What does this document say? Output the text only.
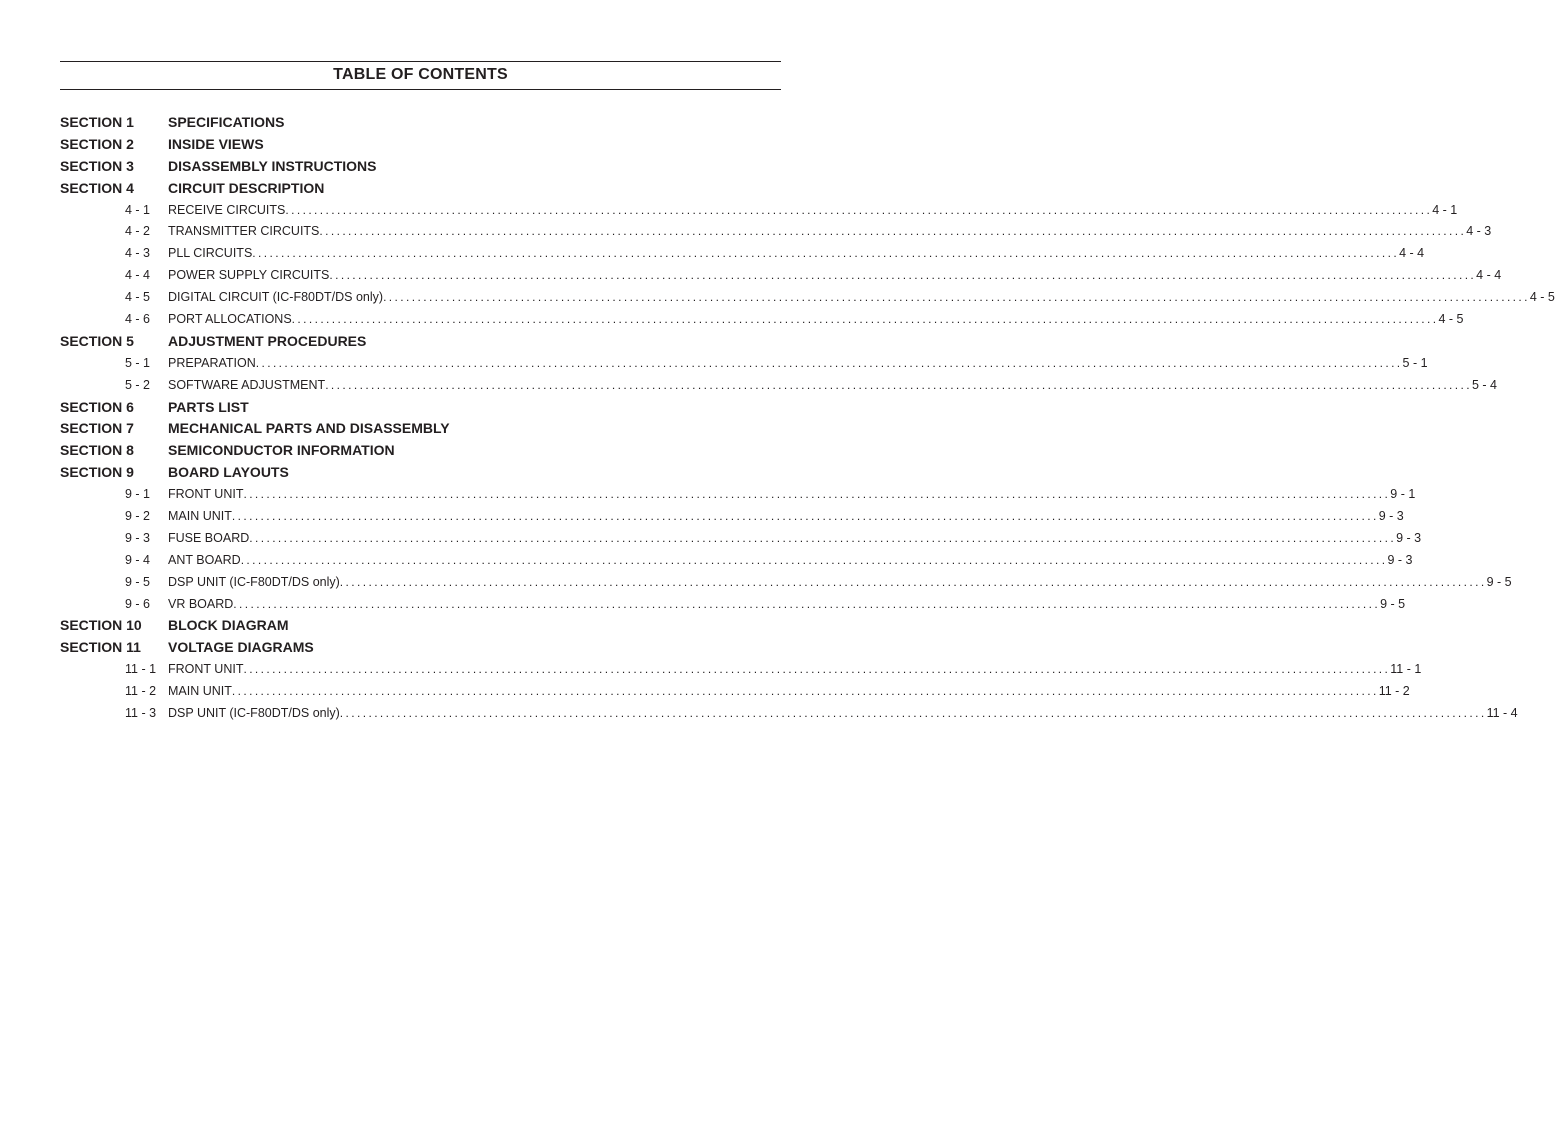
TABLE OF CONTENTS
SECTION 1 SPECIFICATIONS
SECTION 2 INSIDE VIEWS
SECTION 3 DISASSEMBLY INSTRUCTIONS
SECTION 4 CIRCUIT DESCRIPTION
4 - 1 RECEIVE CIRCUITS ........................................................................................................................................................................................................ 4 - 1
4 - 2 TRANSMITTER CIRCUITS ........................................................................................................................................................................................................ 4 - 3
4 - 3 PLL CIRCUITS ........................................................................................................................................................................................................ 4 - 4
4 - 4 POWER SUPPLY CIRCUITS ........................................................................................................................................................................................................ 4 - 4
4 - 5 DIGITAL CIRCUIT (IC-F80DT/DS only) ........................................................................................................................................................................................................ 4 - 5
4 - 6 PORT ALLOCATIONS ........................................................................................................................................................................................................ 4 - 5
SECTION 5 ADJUSTMENT PROCEDURES
5 - 1 PREPARATION ........................................................................................................................................................................................................ 5 - 1
5 - 2 SOFTWARE ADJUSTMENT ........................................................................................................................................................................................................ 5 - 4
SECTION 6 PARTS LIST
SECTION 7 MECHANICAL PARTS AND DISASSEMBLY
SECTION 8 SEMICONDUCTOR INFORMATION
SECTION 9 BOARD LAYOUTS
9 - 1 FRONT UNIT ........................................................................................................................................................................................................ 9 - 1
9 - 2 MAIN UNIT ........................................................................................................................................................................................................ 9 - 3
9 - 3 FUSE BOARD ........................................................................................................................................................................................................ 9 - 3
9 - 4 ANT BOARD ........................................................................................................................................................................................................ 9 - 3
9 - 5 DSP UNIT (IC-F80DT/DS only) ........................................................................................................................................................................................................ 9 - 5
9 - 6 VR BOARD ........................................................................................................................................................................................................ 9 - 5
SECTION 10 BLOCK DIAGRAM
SECTION 11 VOLTAGE DIAGRAMS
11 - 1 FRONT UNIT ........................................................................................................................................................................................................ 11 - 1
11 - 2 MAIN UNIT ........................................................................................................................................................................................................ 11 - 2
11 - 3 DSP UNIT (IC-F80DT/DS only) ........................................................................................................................................................................................................ 11 - 4
